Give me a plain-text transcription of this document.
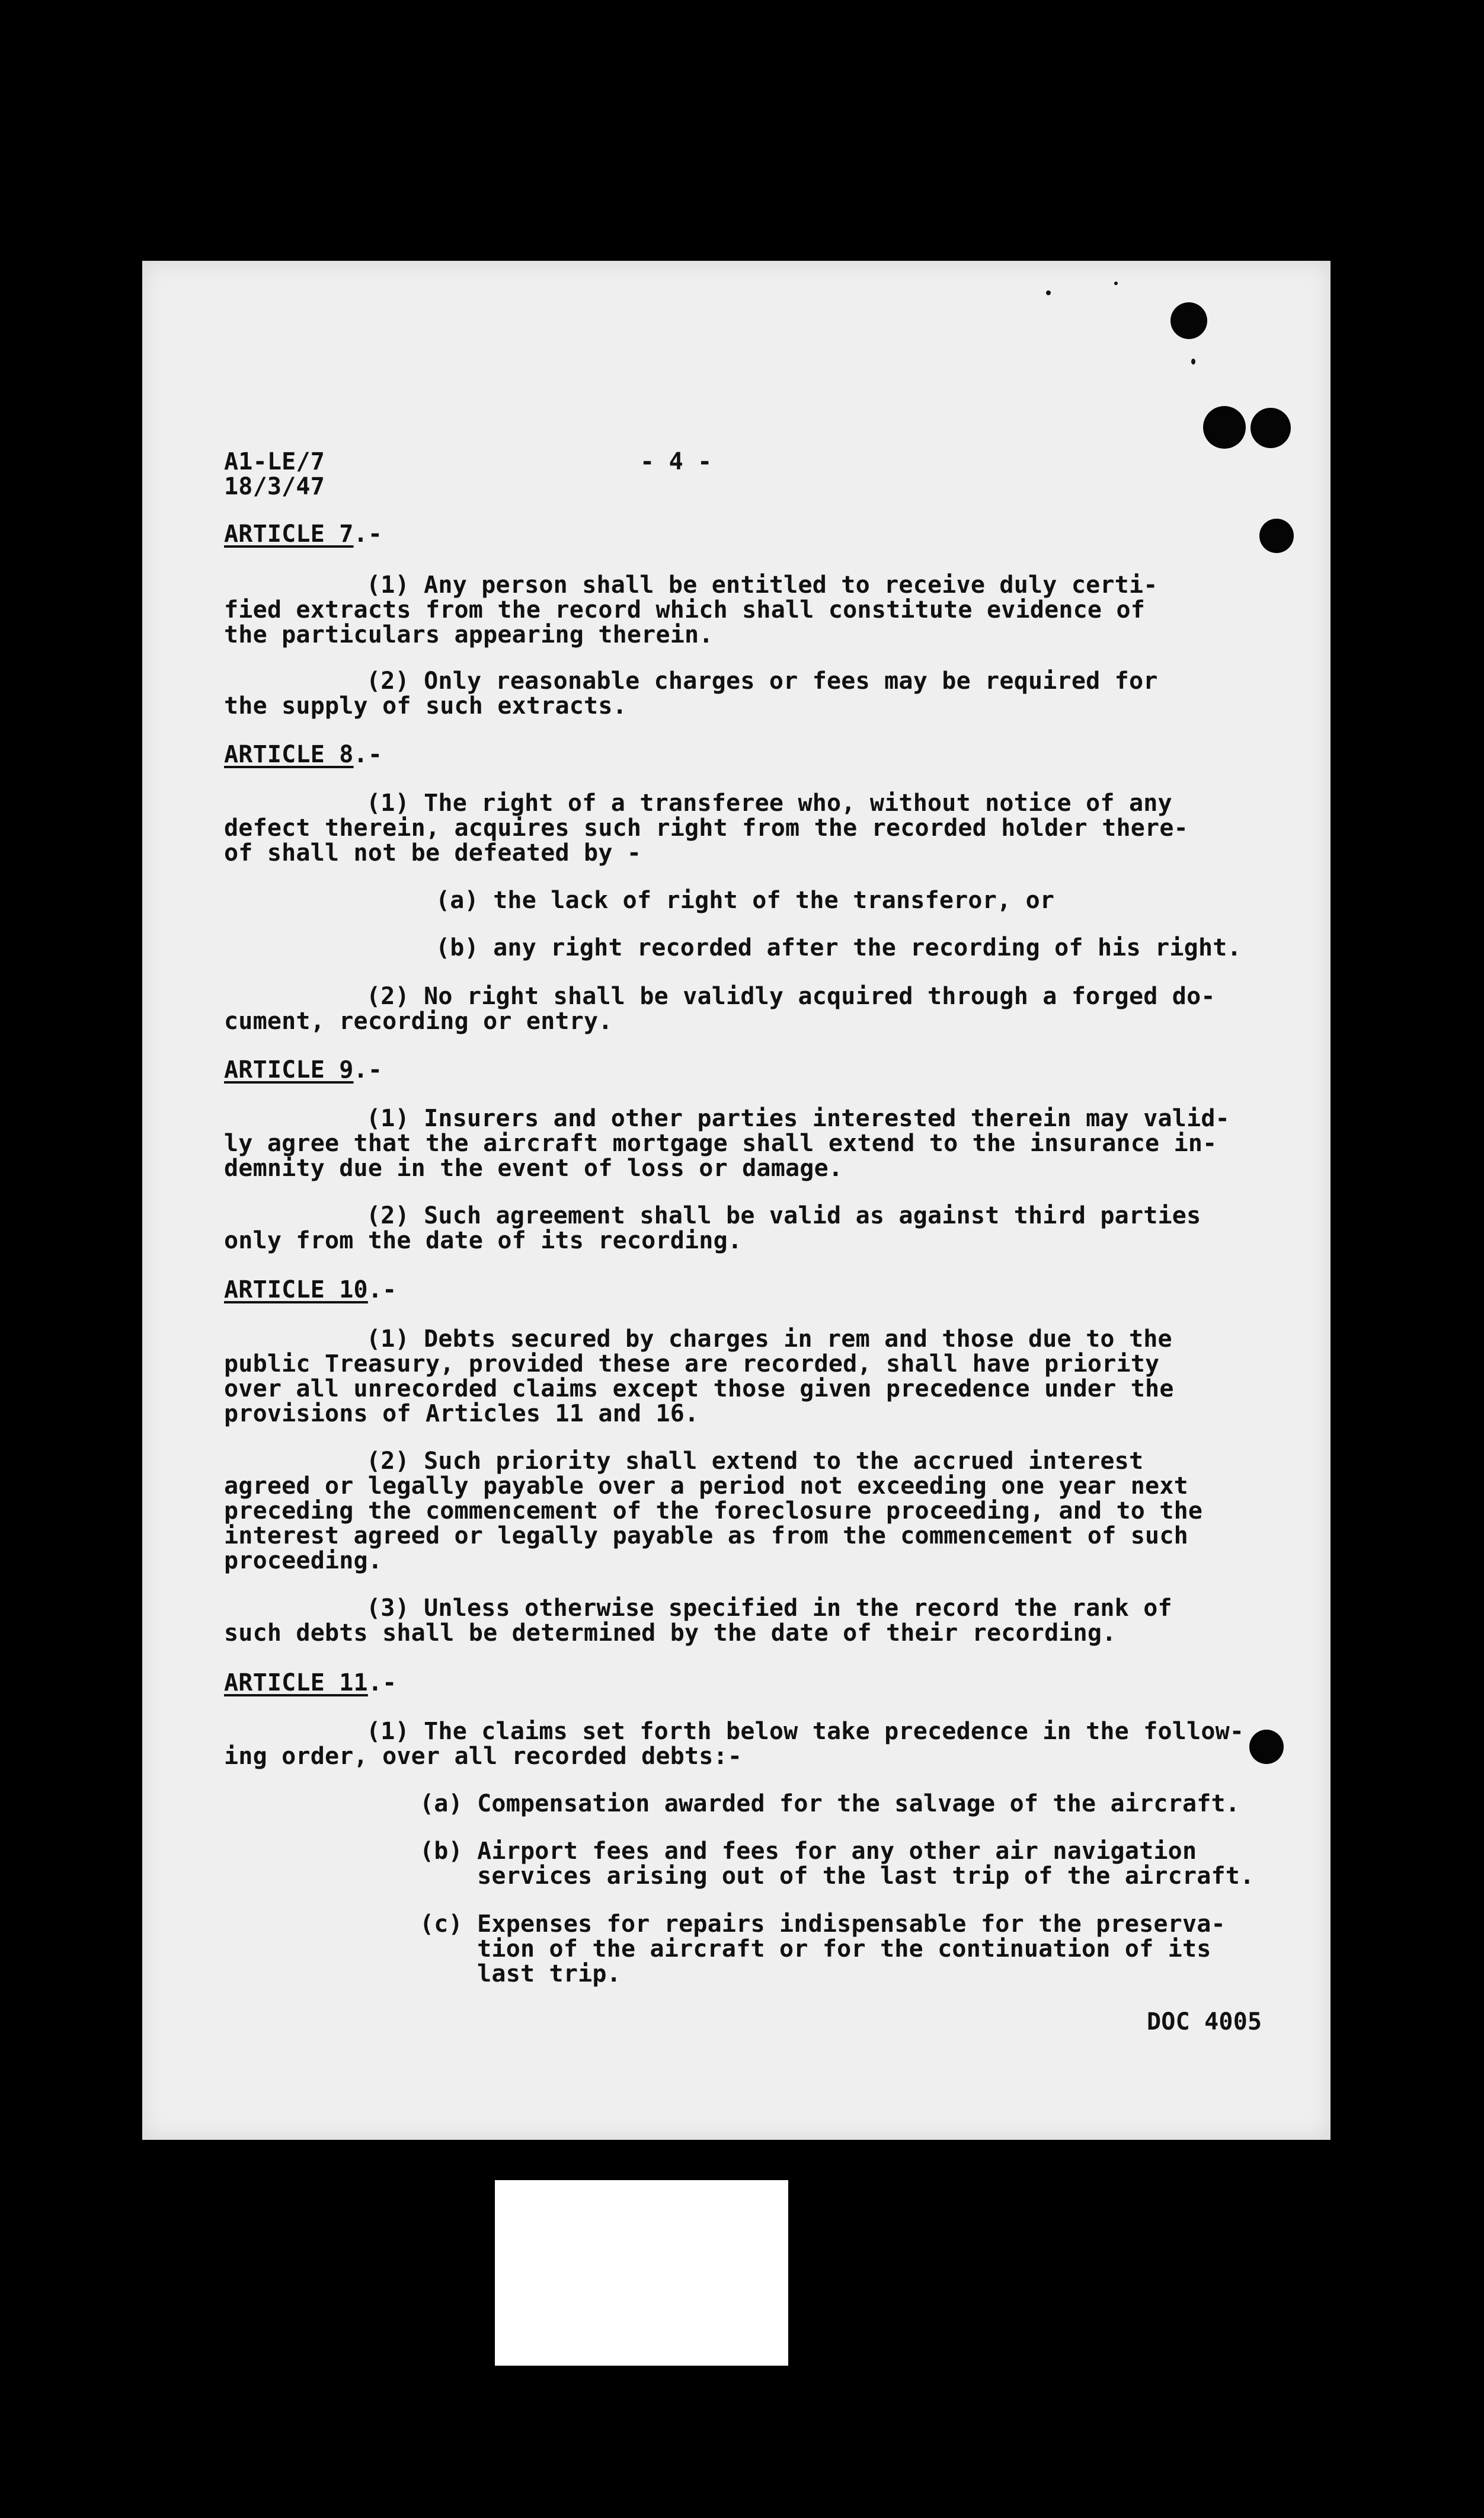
A1-LE/7
18/3/47
- 4 -
ARTICLE 7.-
(1) Any person shall be entitled to receive duly certi-
fied extracts from the record which shall constitute evidence of
the particulars appearing therein.
(2) Only reasonable charges or fees may be required for
the supply of such extracts.
ARTICLE 8.-
(1) The right of a transferee who, without notice of any
defect therein, acquires such right from the recorded holder there-
of shall not be defeated by -
(a) the lack of right of the transferor, or
(b) any right recorded after the recording of his right.
(2) No right shall be validly acquired through a forged do-
cument, recording or entry.
ARTICLE 9.-
(1) Insurers and other parties interested therein may valid-
ly agree that the aircraft mortgage shall extend to the insurance in-
demnity due in the event of loss or damage.
(2) Such agreement shall be valid as against third parties
only from the date of its recording.
ARTICLE 10.-
(1) Debts secured by charges in rem and those due to the
public Treasury, provided these are recorded, shall have priority
over all unrecorded claims except those given precedence under the
provisions of Articles 11 and 16.
(2) Such priority shall extend to the accrued interest
agreed or legally payable over a period not exceeding one year next
preceding the commencement of the foreclosure proceeding, and to the
interest agreed or legally payable as from the commencement of such
proceeding.
(3) Unless otherwise specified in the record the rank of
such debts shall be determined by the date of their recording.
ARTICLE 11.-
(1) The claims set forth below take precedence in the follow-
ing order, over all recorded debts:-
(a) Compensation awarded for the salvage of the aircraft.
(b) Airport fees and fees for any other air navigation
services arising out of the last trip of the aircraft.
(c) Expenses for repairs indispensable for the preserva-
tion of the aircraft or for the continuation of its
last trip.
DOC 4005
